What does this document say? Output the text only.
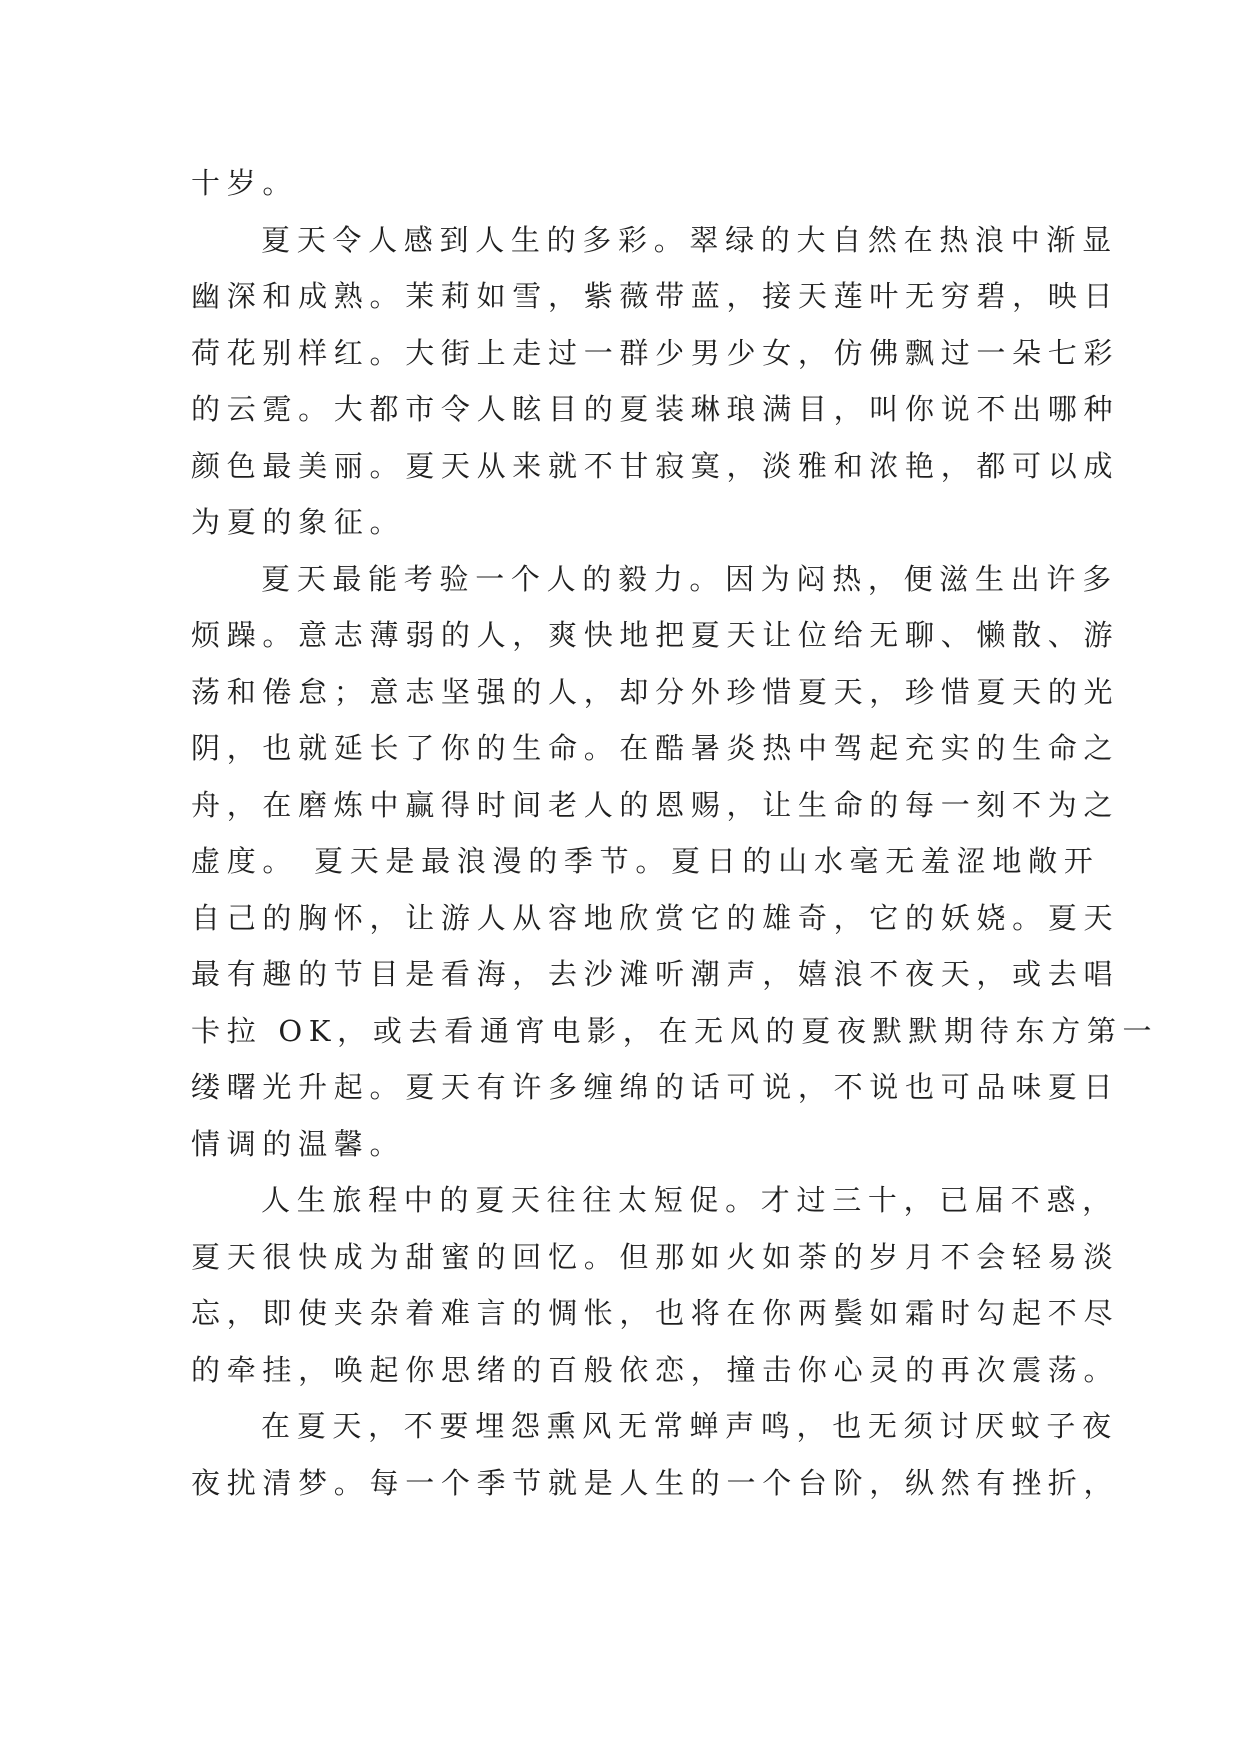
十岁。
夏天令人感到人生的多彩。翠绿的大自然在热浪中渐显
幽深和成熟。茉莉如雪，紫薇带蓝，接天莲叶无穷碧，映日
荷花别样红。大街上走过一群少男少女，仿佛飘过一朵七彩
的云霓。大都市令人眩目的夏装琳琅满目，叫你说不出哪种
颜色最美丽。夏天从来就不甘寂寞，淡雅和浓艳，都可以成
为夏的象征。
夏天最能考验一个人的毅力。因为闷热，便滋生出许多
烦躁。意志薄弱的人，爽快地把夏天让位给无聊、懒散、游
荡和倦怠；意志坚强的人，却分外珍惜夏天，珍惜夏天的光
阴，也就延长了你的生命。在酷暑炎热中驾起充实的生命之
舟，在磨炼中赢得时间老人的恩赐，让生命的每一刻不为之
虚度。 夏天是最浪漫的季节。夏日的山水毫无羞涩地敞开
自己的胸怀，让游人从容地欣赏它的雄奇，它的妖娆。夏天
最有趣的节目是看海，去沙滩听潮声，嬉浪不夜天，或去唱
卡拉 OK，或去看通宵电影，在无风的夏夜默默期待东方第一
缕曙光升起。夏天有许多缠绵的话可说，不说也可品味夏日
情调的温馨。
人生旅程中的夏天往往太短促。才过三十，已届不惑，
夏天很快成为甜蜜的回忆。但那如火如荼的岁月不会轻易淡
忘，即使夹杂着难言的惆怅，也将在你两鬓如霜时勾起不尽
的牵挂，唤起你思绪的百般依恋，撞击你心灵的再次震荡。
在夏天，不要埋怨熏风无常蝉声鸣，也无须讨厌蚊子夜
夜扰清梦。每一个季节就是人生的一个台阶，纵然有挫折，
